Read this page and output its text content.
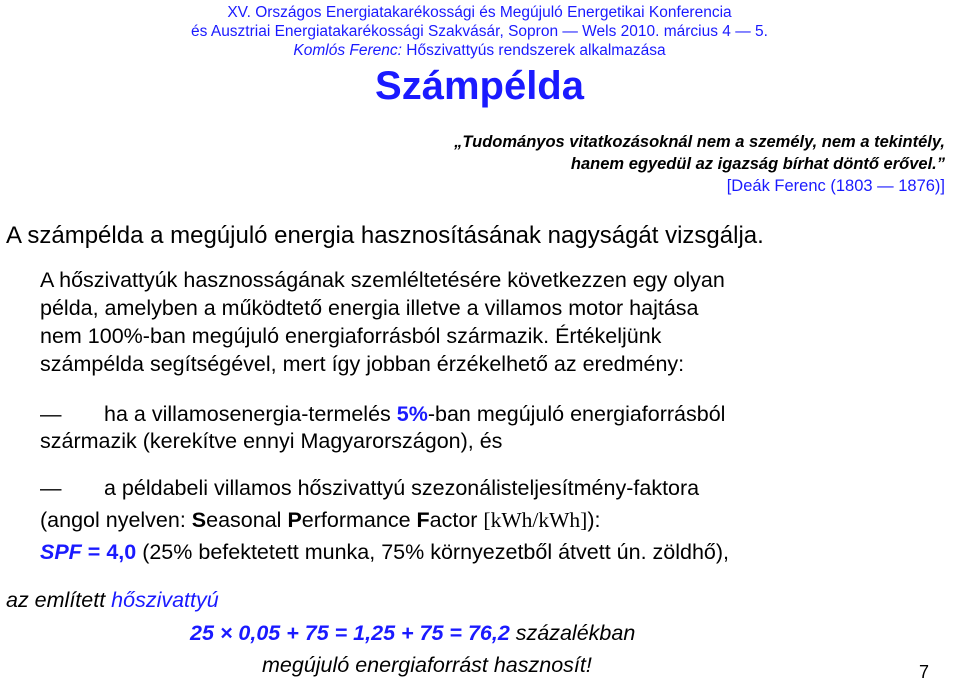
XV. Országos Energiatakarékossági és Megújuló Energetikai Konferencia
és Ausztriai Energiatakarékossági Szakvásár, Sopron — Wels 2010. március 4 — 5.
Komlós Ferenc: Hőszivattyús rendszerek alkalmazása
Számpélda
„Tudományos vitatkozásoknál nem a személy, nem a tekintély,
hanem egyedül az igazság bírhat döntő erővel.”
[Deák Ferenc (1803 — 1876)]
A számpélda a megújuló energia hasznosításának nagyságát vizsgálja.
A hőszivattyúk hasznosságának szemléltetésére következzen egy olyan
példa, amelyben a működtető energia illetve a villamos motor hajtása
nem 100%-ban megújuló energiaforrásból származik. Értékeljünk
számpélda segítségével, mert így jobban érzékelhető az eredmény:
— ha a villamosenergia-termelés 5%-ban megújuló energiaforrásból
származik (kerekítve ennyi Magyarországon), és
— a példabeli villamos hőszivattyú szezonálisteljesítmény-faktora
(angol nyelven: Seasonal Performance Factor [kWh/kWh]):
SPF = 4,0 (25% befektetett munka, 75% környezetből átvett ún. zöldhő),
az említett hőszivattyú
25 × 0,05 + 75 = 1,25 + 75 = 76,2 százalékban
megújuló energiaforrást hasznosít!	7
